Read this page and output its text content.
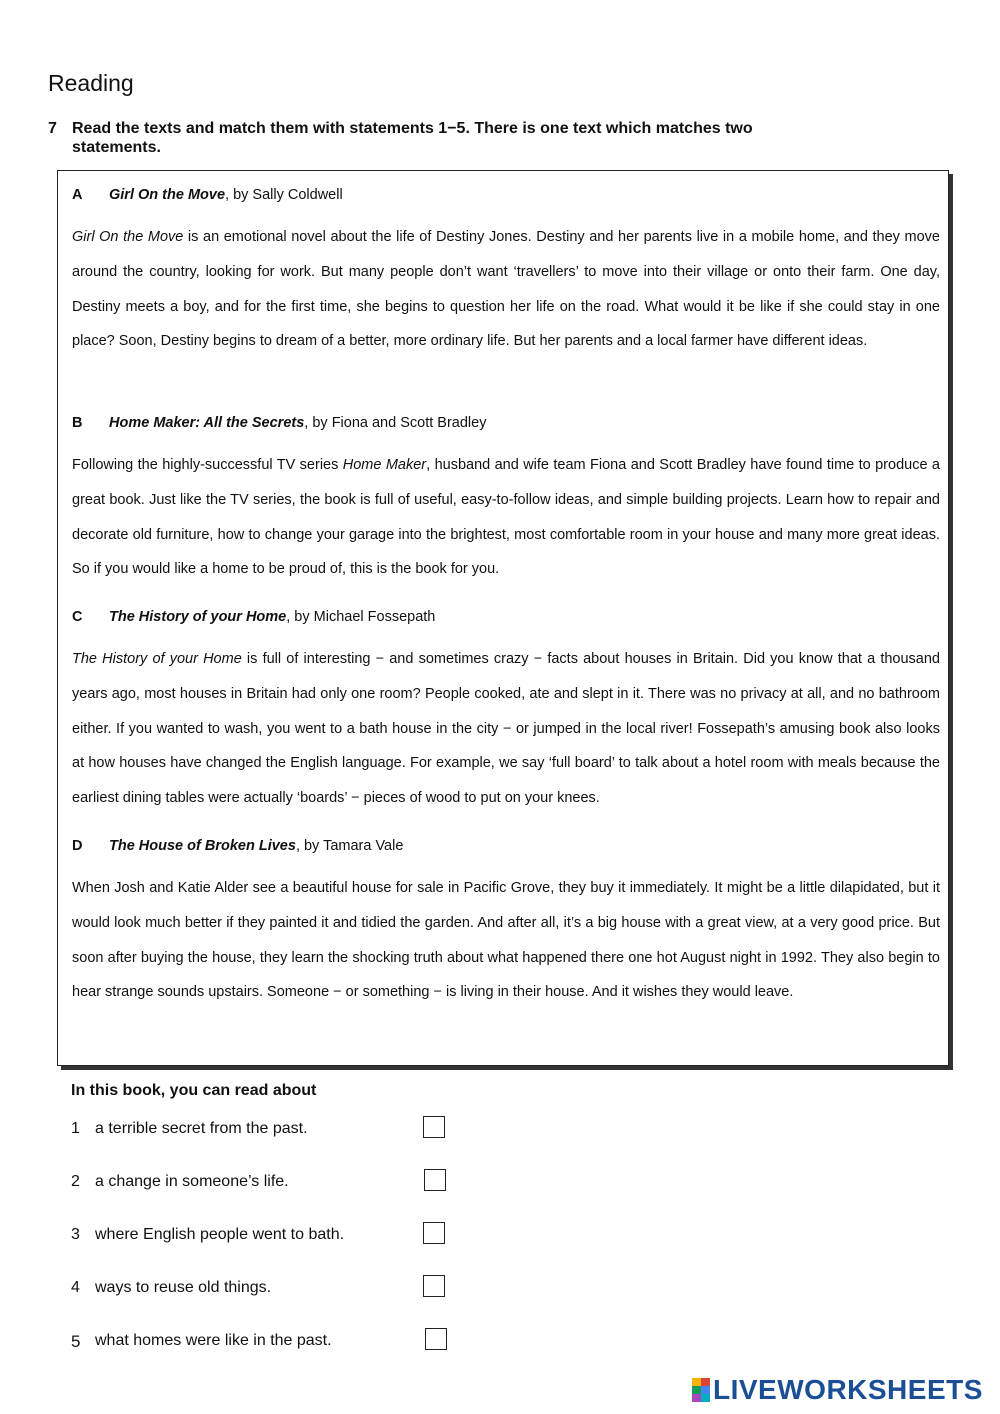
Reading
7 Read the texts and match them with statements 1−5. There is one text which matches two statements.
A Girl On the Move, by Sally Coldwell
Girl On the Move is an emotional novel about the life of Destiny Jones. Destiny and her parents live in a mobile home, and they move around the country, looking for work. But many people don’t want ‘travellers’ to move into their village or onto their farm. One day, Destiny meets a boy, and for the first time, she begins to question her life on the road. What would it be like if she could stay in one place? Soon, Destiny begins to dream of a better, more ordinary life. But her parents and a local farmer have different ideas.
B Home Maker: All the Secrets, by Fiona and Scott Bradley
Following the highly-successful TV series Home Maker, husband and wife team Fiona and Scott Bradley have found time to produce a great book. Just like the TV series, the book is full of useful, easy-to-follow ideas, and simple building projects. Learn how to repair and decorate old furniture, how to change your garage into the brightest, most comfortable room in your house and many more great ideas. So if you would like a home to be proud of, this is the book for you.
C The History of your Home, by Michael Fossepath
The History of your Home is full of interesting − and sometimes crazy − facts about houses in Britain. Did you know that a thousand years ago, most houses in Britain had only one room? People cooked, ate and slept in it. There was no privacy at all, and no bathroom either. If you wanted to wash, you went to a bath house in the city − or jumped in the local river! Fossepath’s amusing book also looks at how houses have changed the English language. For example, we say ‘full board’ to talk about a hotel room with meals because the earliest dining tables were actually ‘boards’ − pieces of wood to put on your knees.
D The House of Broken Lives, by Tamara Vale
When Josh and Katie Alder see a beautiful house for sale in Pacific Grove, they buy it immediately. It might be a little dilapidated, but it would look much better if they painted it and tidied the garden. And after all, it’s a big house with a great view, at a very good price. But soon after buying the house, they learn the shocking truth about what happened there one hot August night in 1992. They also begin to hear strange sounds upstairs. Someone − or something − is living in their house. And it wishes they would leave.
In this book, you can read about
1 a terrible secret from the past.
2 a change in someone’s life.
3 where English people went to bath.
4 ways to reuse old things.
5 what homes were like in the past.
LIVEWORKSHEETS
